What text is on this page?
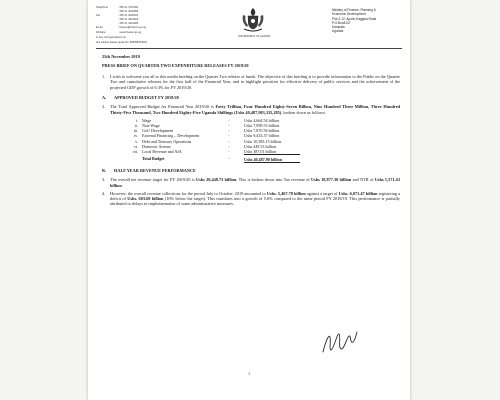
Telephone	: 256 41 4707000
: 256 41 4232095
Fax	: 256 41 4230163
: 256 41 4343023
: 256 41 4341286
Email	: finance@finance.go.ug
Website	: www.finance.go.ug
In any correspondence on
this subject please quote No. BPD86/156/01
THE REPUBLIC OF UGANDA
Ministry of Finance, Planning &
Economic Development
Plot 2-12, Apollo Kaggwa Road
P.O.Box8147
Kampala
Uganda
25th November 2019
PRESS BRIEF ON QUARTER TWO EXPENDITURE RELEASES FY 2019/20
1.	I wish to welcome you all to this media briefing on the Quarter Two release of funds. The objective of this briefing is to provide information to the Public on the Quarter Two and cumulative releases for the first half of the Financial Year, and to highlight priorities for effective delivery of public services and the achievement of the projected GDP growth of 6.3% for FY 2019/20.
A.	APPROVED BUDGET FY 2019/20
2.	The Total Approved Budget for Financial Year 2019/20 is Forty Trillion, Four Hundred Eighty-Seven Billion, Nine Hundred Three Million, Three Hundred Thirty-Five Thousand, Two Hundred Eighty-Five Uganda Shillings (Ushs 40,487,903,335,285), broken down as follows:
i.	Wage	-	Ushs 4,664.54 billion
ii.	Non-Wage	-	Ushs 7,099.53 billion
iii.	GoU Development	-	Ushs 7,870.56 billion
iv.	External Financing – Development	-	Ushs 9,433.37 billion
v.	Debt and Treasury Operations	-	Ushs 10,583.15 billion
vi.	Domestic Arrears	-	Ushs 449.53 billion
vii.	Local Revenue and AIA	-	Ushs 387.01 billion
	Total Budget	-	Ushs 40,487.90 billion
B.	HALF YEAR REVENUE PERFORMANCE
3.	The overall net revenue target for FY 2019/20 is Ushs 20,448.73 billion. This is broken down into Tax revenue of Ushs 18,877.30 billion and NTR of Ushs 1,571.43 billion.
4.	However, the overall revenue collections for the period July to October, 2019 amounted to Ushs. 5,467.78 billion against a target of Ushs. 6,071.47 billion registering a deficit of Ushs. 603.69 billion (10% below the target). This translates into a growth of 5.6% compared to the same period FY 2018/19. This performance is partially attributed to delays in implementation of some administrative measures.
1
